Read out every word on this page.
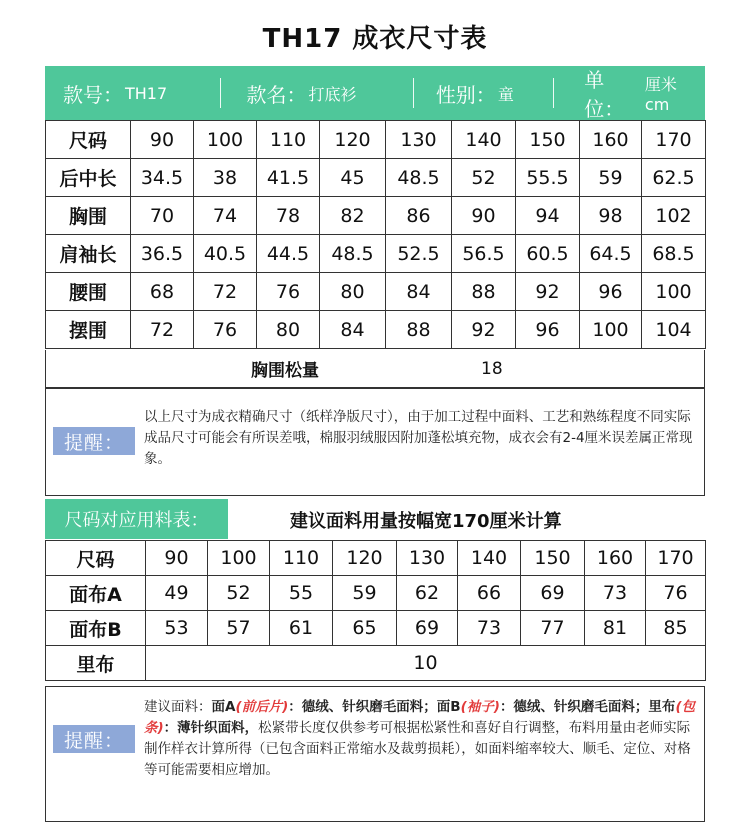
TH17 成衣尺寸表
款号： TH17	款名： 打底衫	性别： 童
单位：
厘米 cm
尺码	90	100	110	120	130	140	150	160	170
后中长	34.5	38	41.5	45	48.5	52	55.5	59	62.5
胸围	70	74	78	82	86	90	94	98	102
肩袖长	36.5	40.5	44.5	48.5	52.5	56.5	60.5	64.5	68.5
腰围	68	72	76	80	84	88	92	96	100
摆围	72	76	80	84	88	92	96	100	104
胸围松量	18
提醒：
以上尺寸为成衣精确尺寸（纸样净版尺寸），由于加工过程中面料、工艺和熟练程度不同实际成品尺寸可能会有所误差哦，棉服羽绒服因附加蓬松填充物，成衣会有2-4厘米误差属正常现象。
尺码对应用料表：	建议面料用量按幅宽170厘米计算
尺码	90	100	110	120	130	140	150	160	170
面布A	49	52	55	59	62	66	69	73	76
面布B	53	57	61	65	69	73	77	81	85
里布	10								
提醒：
建议面料：面A(前后片)：德绒、针织磨毛面料；面B(袖子)：德绒、针织磨毛面料；里布(包条)：薄针织面料，松紧带长度仅供参考可根据松紧性和喜好自行调整，布料用量由老师实际制作样衣计算所得（已包含面料正常缩水及裁剪损耗），如面料缩率较大、顺毛、定位、对格等可能需要相应增加。
